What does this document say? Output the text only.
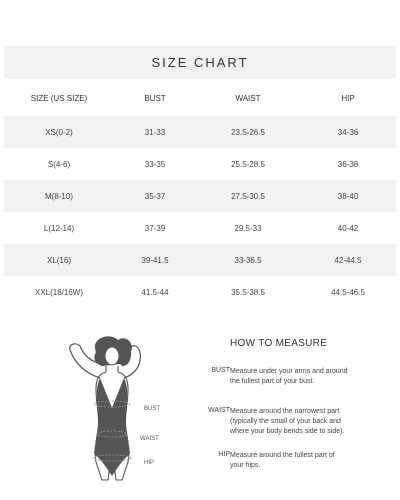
SIZE CHART
SIZE (US SIZE)	BUST	WAIST	HIP
XS(0-2)	31-33	23.5-26.5	34-36
S(4-6)	33-35	25.5-28.5	36-38
M(8-10)	35-37	27.5-30.5	38-40
L(12-14)	37-39	29.5-33	40-42
XL(16)	39-41.5	33-36.5	42-44.5
XXL(18/16W)	41.5-44	35.5-38.5	44.5-46.5
BUST
WAIST
HIP
HOW TO MEASURE
BUST Measure under your arms and around
the fullest part of your bust.
WAIST Measure around the narrowest part
(typically the small of your back and
where your body bends side to side).
HIP Measure around the fullest part of
your hips.
